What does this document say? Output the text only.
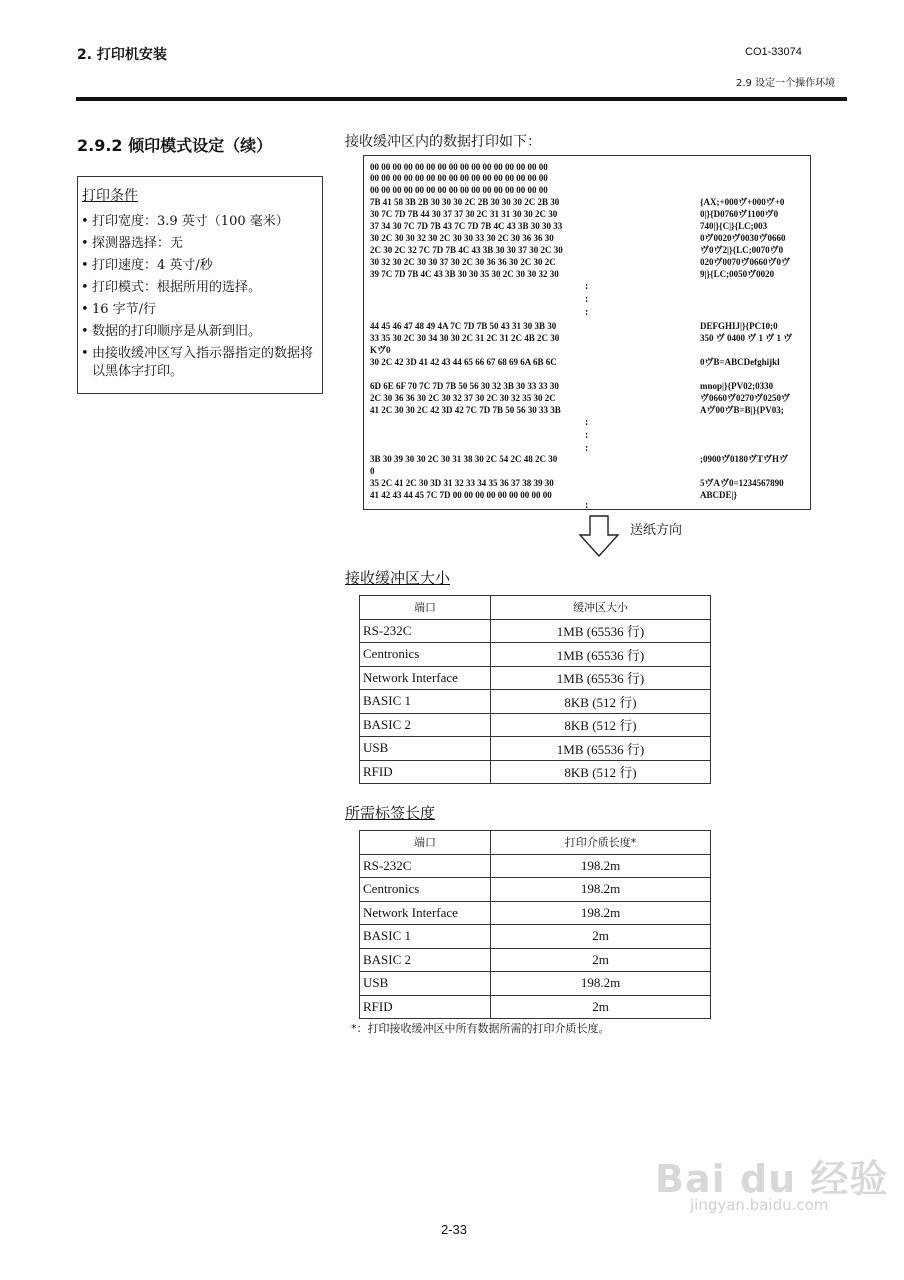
2. 打印机安装	CO1-33074
2.9 设定一个操作环境
2.9.2 倾印模式设定（续）
打印条件
• 打印宽度：3.9 英寸（100 毫米）
• 探测器选择：无
• 打印速度：4 英寸/秒
• 打印模式：根据所用的选择。
• 16 字节/行
• 数据的打印顺序是从新到旧。
• 由接收缓冲区写入指示器指定的数据将以黑体字打印。
接收缓冲区内的数据打印如下：
00 00 00 00 00 00 00 00 00 00 00 00 00 00 00 00
00 00 00 00 00 00 00 00 00 00 00 00 00 00 00 00
00 00 00 00 00 00 00 00 00 00 00 00 00 00 00 00
7B 41 58 3B 2B 30 30 30 2C 2B 30 30 30 2C 2B 30	{AX;+000ヴ+000ヴ+0
30 7C 7D 7B 44 30 37 37 30 2C 31 31 30 30 2C 30	0|}{D0760ヴ1100ヴ0
37 34 30 7C 7D 7B 43 7C 7D 7B 4C 43 3B 30 30 33	740|}{C|}{LC;003
30 2C 30 30 32 30 2C 30 30 33 30 2C 30 36 36 30	0ヴ0020ヴ0030ヴ0660
2C 30 2C 32 7C 7D 7B 4C 43 3B 30 30 37 30 2C 30	ヴ0ヴ2|}{LC;0070ヴ0
30 32 30 2C 30 30 37 30 2C 30 36 36 30 2C 30 2C	020ヴ0070ヴ0660ヴ0ヴ
39 7C 7D 7B 4C 43 3B 30 30 35 30 2C 30 30 32 30	9|}{LC;0050ヴ0020
:
:
:
44 45 46 47 48 49 4A 7C 7D 7B 50 43 31 30 3B 30	DEFGHIJ|}{PC10;0
33 35 30 2C 30 34 30 30 2C 31 2C 31 2C 4B 2C 30	350 ヴ 0400 ヴ 1 ヴ 1 ヴ
Kヴ0
30 2C 42 3D 41 42 43 44 65 66 67 68 69 6A 6B 6C	0ヴB=ABCDefghijkl
6D 6E 6F 70 7C 7D 7B 50 56 30 32 3B 30 33 33 30	mnop|}{PV02;0330
2C 30 36 36 30 2C 30 32 37 30 2C 30 32 35 30 2C	ヴ0660ヴ0270ヴ0250ヴ
41 2C 30 30 2C 42 3D 42 7C 7D 7B 50 56 30 33 3B	Aヴ00ヴB=B|}{PV03;
:
:
:
3B 30 39 30 30 2C 30 31 38 30 2C 54 2C 48 2C 30	;0900ヴ0180ヴTヴHヴ
0
35 2C 41 2C 30 3D 31 32 33 34 35 36 37 38 39 30	5ヴAヴ0=1234567890
41 42 43 44 45 7C 7D 00 00 00 00 00 00 00 00 00	ABCDE|}
:
送纸方向
接收缓冲区大小
端口	缓冲区大小
RS-232C	1MB (65536 行)
Centronics	1MB (65536 行)
Network Interface	1MB (65536 行)
BASIC 1	8KB (512 行)
BASIC 2	8KB (512 行)
USB	1MB (65536 行)
RFID	8KB (512 行)
所需标签长度
端口	打印介质长度*
RS-232C	198.2m
Centronics	198.2m
Network Interface	198.2m
BASIC 1	2m
BASIC 2	2m
USB	198.2m
RFID	2m
*：打印接收缓冲区中所有数据所需的打印介质长度。
2-33
Bai du 经验
jingyan.baidu.com
